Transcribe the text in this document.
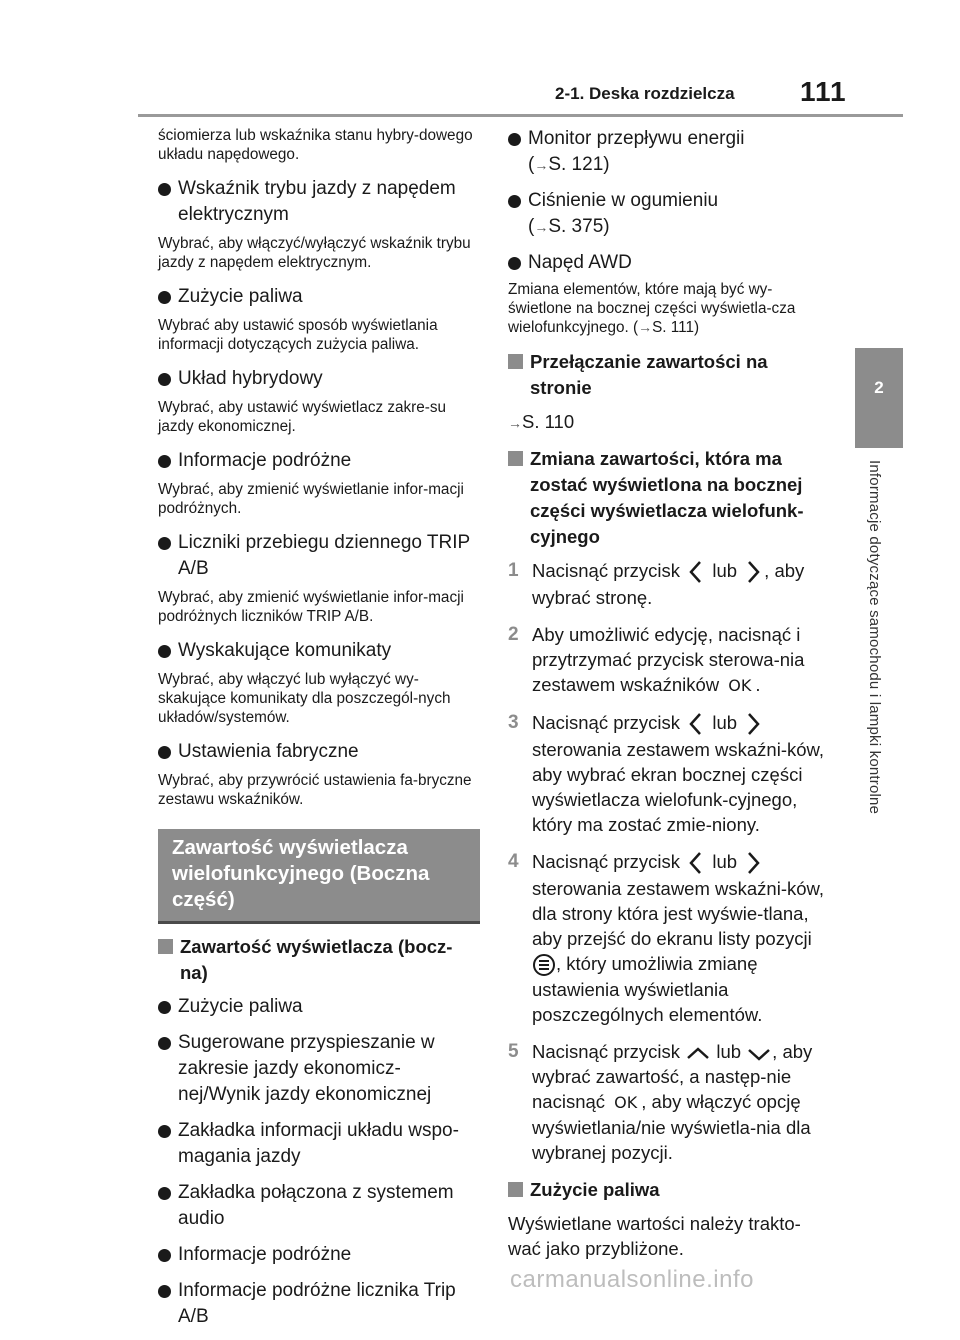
2-1. Deska rozdzielcza 111
2
Informacje dotyczące samochodu i lampki kontrolne

ściomierza lub wskaźnika stanu hybry-dowego układu napędowego.

Wskaźnik trybu jazdy z napędem elektrycznym

Wybrać, aby włączyć/wyłączyć wskaźnik trybu jazdy z napędem elektrycznym.

Zużycie paliwa

Wybrać aby ustawić sposób wyświetlania informacji dotyczących zużycia paliwa.

Układ hybrydowy

Wybrać, aby ustawić wyświetlacz zakre-su jazdy ekonomicznej.

Informacje podróżne

Wybrać, aby zmienić wyświetlanie infor-macji podróżnych.

Liczniki przebiegu dziennego TRIP A/B

Wybrać, aby zmienić wyświetlanie infor-macji podróżnych liczników TRIP A/B.

Wyskakujące komunikaty

Wybrać, aby włączyć lub wyłączyć wy-skakujące komunikaty dla poszczegól-nych układów/systemów.

Ustawienia fabryczne

Wybrać, aby przywrócić ustawienia fa-bryczne zestawu wskaźników.

Zawartość wyświetlacza wielofunkcyjnego (Boczna część)
Zawartość wyświetlacza (bocz-na)
Zużycie paliwa
Sugerowane przyspieszanie w zakresie jazdy ekonomicz-nej/Wynik jazdy ekonomicznej
Zakładka informacji układu wspo-magania jazdy
Zakładka połączona z systemem audio
Informacje podróżne
Informacje podróżne licznika Trip A/B
Monitor przepływu energii
(→S. 121)
Ciśnienie w ogumieniu
(→S. 375)
Napęd AWD

Zmiana elementów, które mają być wy-świetlone na bocznej części wyświetla-cza wielofunkcyjnego. (→S. 111)

Przełączanie zawartości na stronie

→S. 110

Zmiana zawartości, która ma zostać wyświetlona na bocznej części wyświetlacza wielofunk-cyjnego
1 Nacisnąć przycisk lub , aby wybrać stronę.
2 Aby umożliwić edycję, nacisnąć i przytrzymać przycisk sterowa-nia zestawem wskaźników OK .
3 Nacisnąć przycisk lub  sterowania zestawem wskaźni-ków, aby wybrać ekran bocznej części wyświetlacza wielofunk-cyjnego, który ma zostać zmie-niony.
4 Nacisnąć przycisk lub  sterowania zestawem wskaźni-ków, dla strony która jest wyświe-tlana, aby przejść do ekranu listy pozycji , który umożliwia zmianę ustawienia wyświetlania poszczególnych elementów.
5 Nacisnąć przycisk lub , aby wybrać zawartość, a następ-nie nacisnąć OK , aby włączyć opcję wyświetlania/nie wyświetla-nia dla wybranej pozycji.
Zużycie paliwa

Wyświetlane wartości należy trakto-wać jako przybliżone.

carmanualsonline.info
